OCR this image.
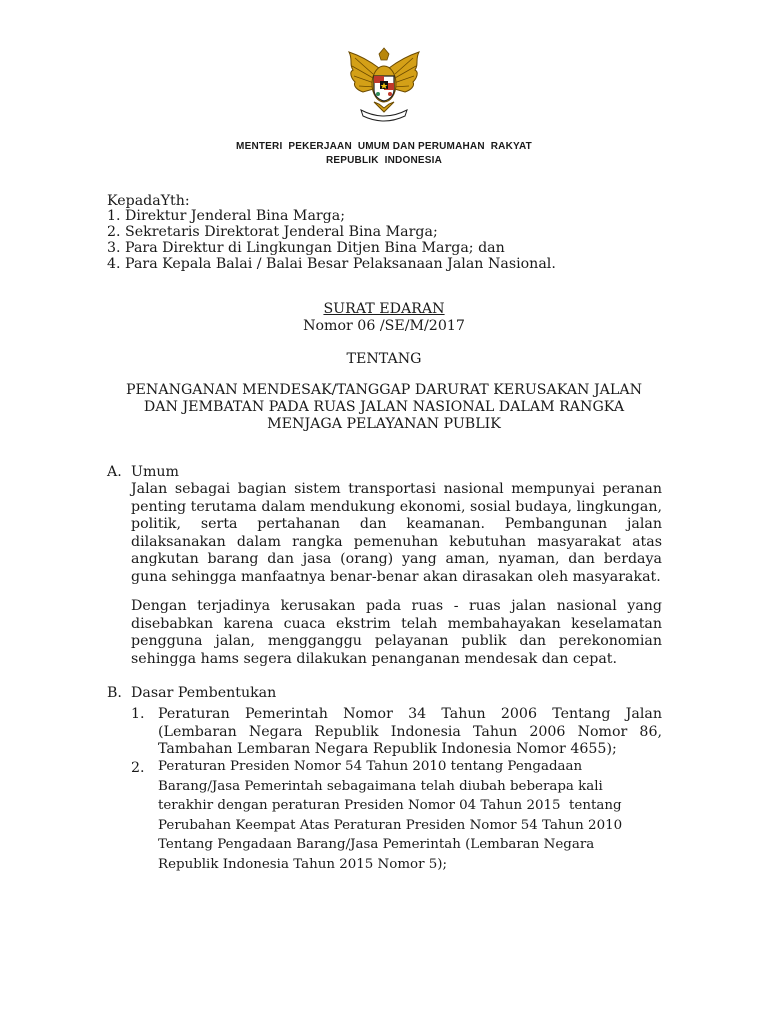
MENTERI  PEKERJAAN  UMUM DAN PERUMAHAN  RAKYAT
REPUBLIK  INDONESIA
KepadaYth:
1. Direktur Jenderal Bina Marga;
2. Sekretaris Direktorat Jenderal Bina Marga;
3. Para Direktur di Lingkungan Ditjen Bina Marga; dan
4. Para Kepala Balai / Balai Besar Pelaksanaan Jalan Nasional.
SURAT EDARAN
Nomor 06 /SE/M/2017
TENTANG
PENANGANAN MENDESAK/TANGGAP DARURAT KERUSAKAN JALAN
DAN JEMBATAN PADA RUAS JALAN NASIONAL DALAM RANGKA
MENJAGA PELAYANAN PUBLIK
A. Umum
Jalan sebagai bagian sistem transportasi nasional mempunyai peranan penting terutama dalam mendukung ekonomi, sosial budaya, lingkungan, politik, serta pertahanan dan keamanan. Pembangunan jalan dilaksanakan dalam rangka pemenuhan kebutuhan masyarakat atas angkutan barang dan jasa (orang) yang aman, nyaman, dan berdaya guna sehingga manfaatnya benar-benar akan dirasakan oleh masyarakat.
Dengan terjadinya kerusakan pada ruas - ruas jalan nasional yang disebabkan karena cuaca ekstrim telah membahayakan keselamatan pengguna jalan, mengganggu pelayanan publik dan perekonomian sehingga hams segera dilakukan penanganan mendesak dan cepat.
B. Dasar Pembentukan
1. Peraturan Pemerintah Nomor 34 Tahun 2006 Tentang Jalan (Lembaran Negara Republik Indonesia Tahun 2006 Nomor 86, Tambahan Lembaran Negara Republik Indonesia Nomor 4655);
2. Peraturan Presiden Nomor 54 Tahun 2010 tentang Pengadaan
Barang/Jasa Pemerintah sebagaimana telah diubah beberapa kali
terakhir dengan peraturan Presiden Nomor 04 Tahun 2015  tentang
Perubahan Keempat Atas Peraturan Presiden Nomor 54 Tahun 2010
Tentang Pengadaan Barang/Jasa Pemerintah (Lembaran Negara
Republik Indonesia Tahun 2015 Nomor 5);
